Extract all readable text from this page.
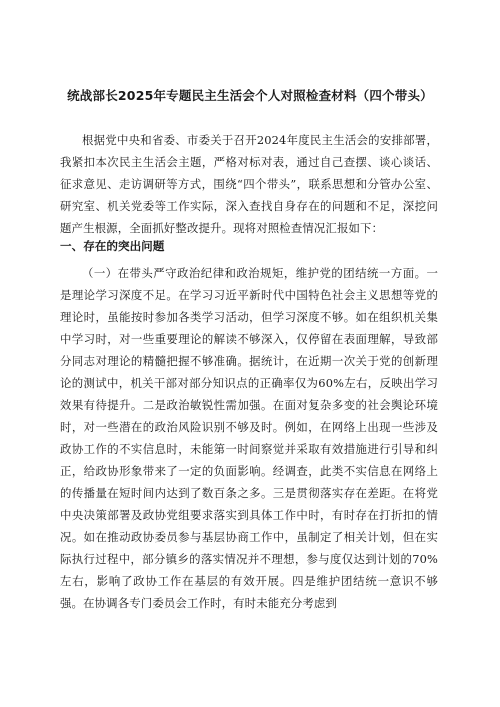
统战部长2025年专题民主生活会个人对照检查材料（四个带头）
根据党中央和省委、市委关于召开2024年度民主生活会的安排部署，我紧扣本次民主生活会主题，严格对标对表，通过自己查摆、谈心谈话、征求意见、走访调研等方式，围绕“四个带头”，联系思想和分管办公室、研究室、机关党委等工作实际，深入查找自身存在的问题和不足，深挖问题产生根源，全面抓好整改提升。现将对照检查情况汇报如下：
一、存在的突出问题
（一）在带头严守政治纪律和政治规矩，维护党的团结统一方面。一是理论学习深度不足。在学习习近平新时代中国特色社会主义思想等党的理论时，虽能按时参加各类学习活动，但学习深度不够。如在组织机关集中学习时，对一些重要理论的解读不够深入，仅停留在表面理解，导致部分同志对理论的精髓把握不够准确。据统计，在近期一次关于党的创新理论的测试中，机关干部对部分知识点的正确率仅为60%左右，反映出学习效果有待提升。二是政治敏锐性需加强。在面对复杂多变的社会舆论环境时，对一些潜在的政治风险识别不够及时。例如，在网络上出现一些涉及政协工作的不实信息时，未能第一时间察觉并采取有效措施进行引导和纠正，给政协形象带来了一定的负面影响。经调查，此类不实信息在网络上的传播量在短时间内达到了数百条之多。三是贯彻落实存在差距。在将党中央决策部署及政协党组要求落实到具体工作中时，有时存在打折扣的情况。如在推动政协委员参与基层协商工作中，虽制定了相关计划，但在实际执行过程中，部分镇乡的落实情况并不理想，参与度仅达到计划的70%左右，影响了政协工作在基层的有效开展。四是维护团结统一意识不够强。在协调各专门委员会工作时，有时未能充分考虑到
